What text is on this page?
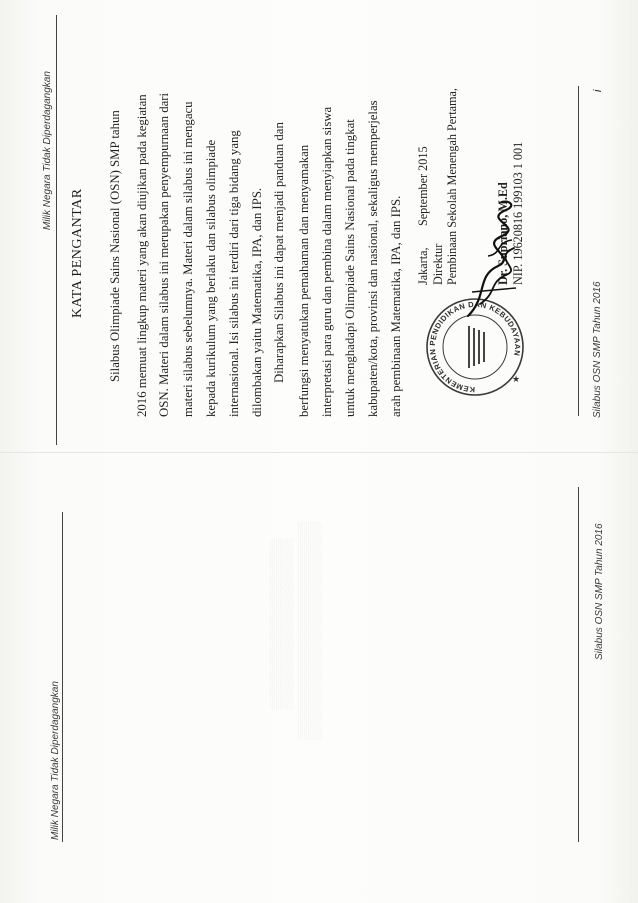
▒▒▒▒▒▒▒▒▒▒▒ ▒▒▒▒▒▒▒▒▒▒▒▒▒▒
Milik Negara Tidak Diperdagangkan
Silabus OSN SMP Tahun 2016
Milik Negara Tidak Diperdagangkan
KATA PENGANTAR Silabus Olimpiade Sains Nasional (OSN) SMP tahun 2016 memuat lingkup materi yang akan diujikan pada kegiatan OSN. Materi dalam silabus ini merupakan penyempurnaan dari materi silabus sebelumnya. Materi dalam silabus ini mengacu kepada kurikulum yang berlaku dan silabus olimpiade internasional. Isi silabus ini terdiri dari tiga bidang yang dilombakan yaitu Matematika, IPA, dan IPS. Diharapkan Silabus ini dapat menjadi panduan dan berfungsi menyatukan pemahaman dan menyamakan interpretasi para guru dan pembina dalam menyiapkan siswa untuk menghadapi Olimpiade Sains Nasional pada tingkat kabupaten/kota, provinsi dan nasional, sekaligus memperjelas arah pembinaan Matematika, IPA, dan IPS. Jakarta,
September 2015
Direktur Pembinaan Sekolah Menengah Pertama,	Dr. Supriano, M.Ed NIP. 19620816 199103 1 001
KEMENTERIAN PENDIDIKAN DAN KEBUDAYAAN
★	Silabus OSN SMP Tahun 2016
i
